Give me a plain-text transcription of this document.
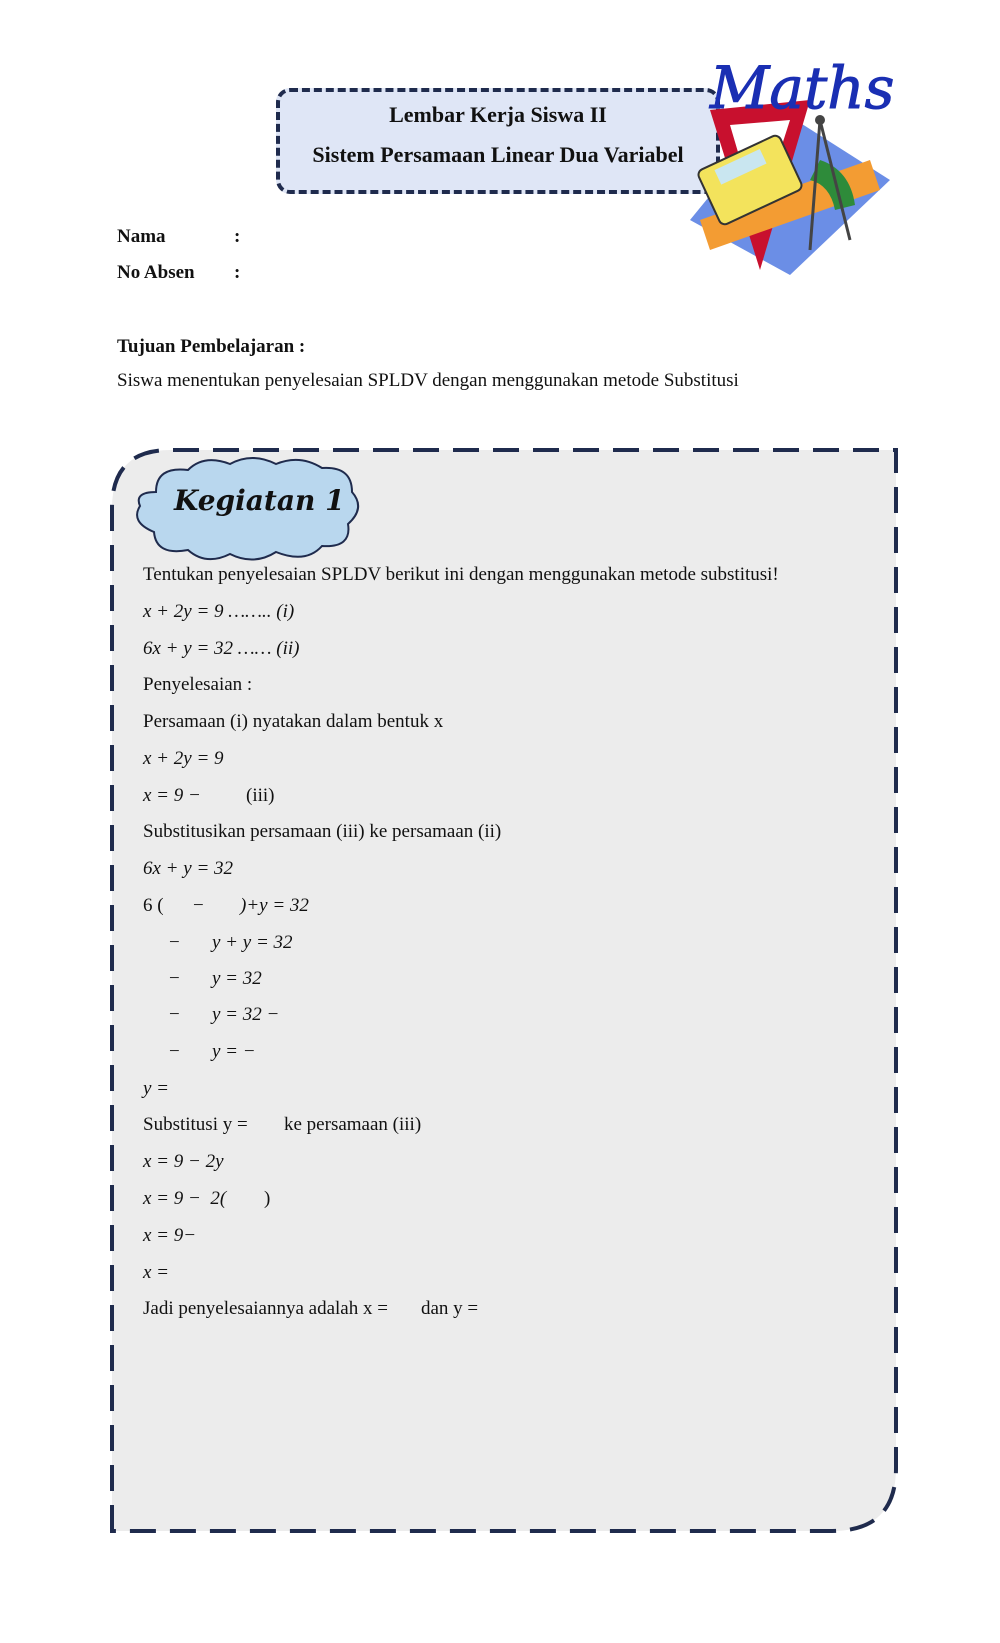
Lembar Kerja Siswa II
Sistem Persamaan Linear Dua Variabel
Maths
Nama	:
No Absen :
Tujuan Pembelajaran :
Siswa menentukan penyelesaian SPLDV dengan menggunakan metode Substitusi
Kegiatan 1
Tentukan penyelesaian SPLDV berikut ini dengan menggunakan metode substitusi!
x + 2y = 9 …….. (i)
6x + y = 32 …… (ii)
Penyelesaian :
Persamaan (i) nyatakan dalam bentuk x
x + 2y = 9
x = 9 − (iii)
Substitusikan persamaan (iii) ke persamaan (ii)
6x + y = 32
6 ( − )+y = 32
− y + y = 32
− y = 32
− y = 32 −
− y = −
y =
Substitusi y = ke persamaan (iii)
x = 9 − 2y
x = 9 −  2( )
x = 9−
x =
Jadi penyelesaiannya adalah x = dan y =
